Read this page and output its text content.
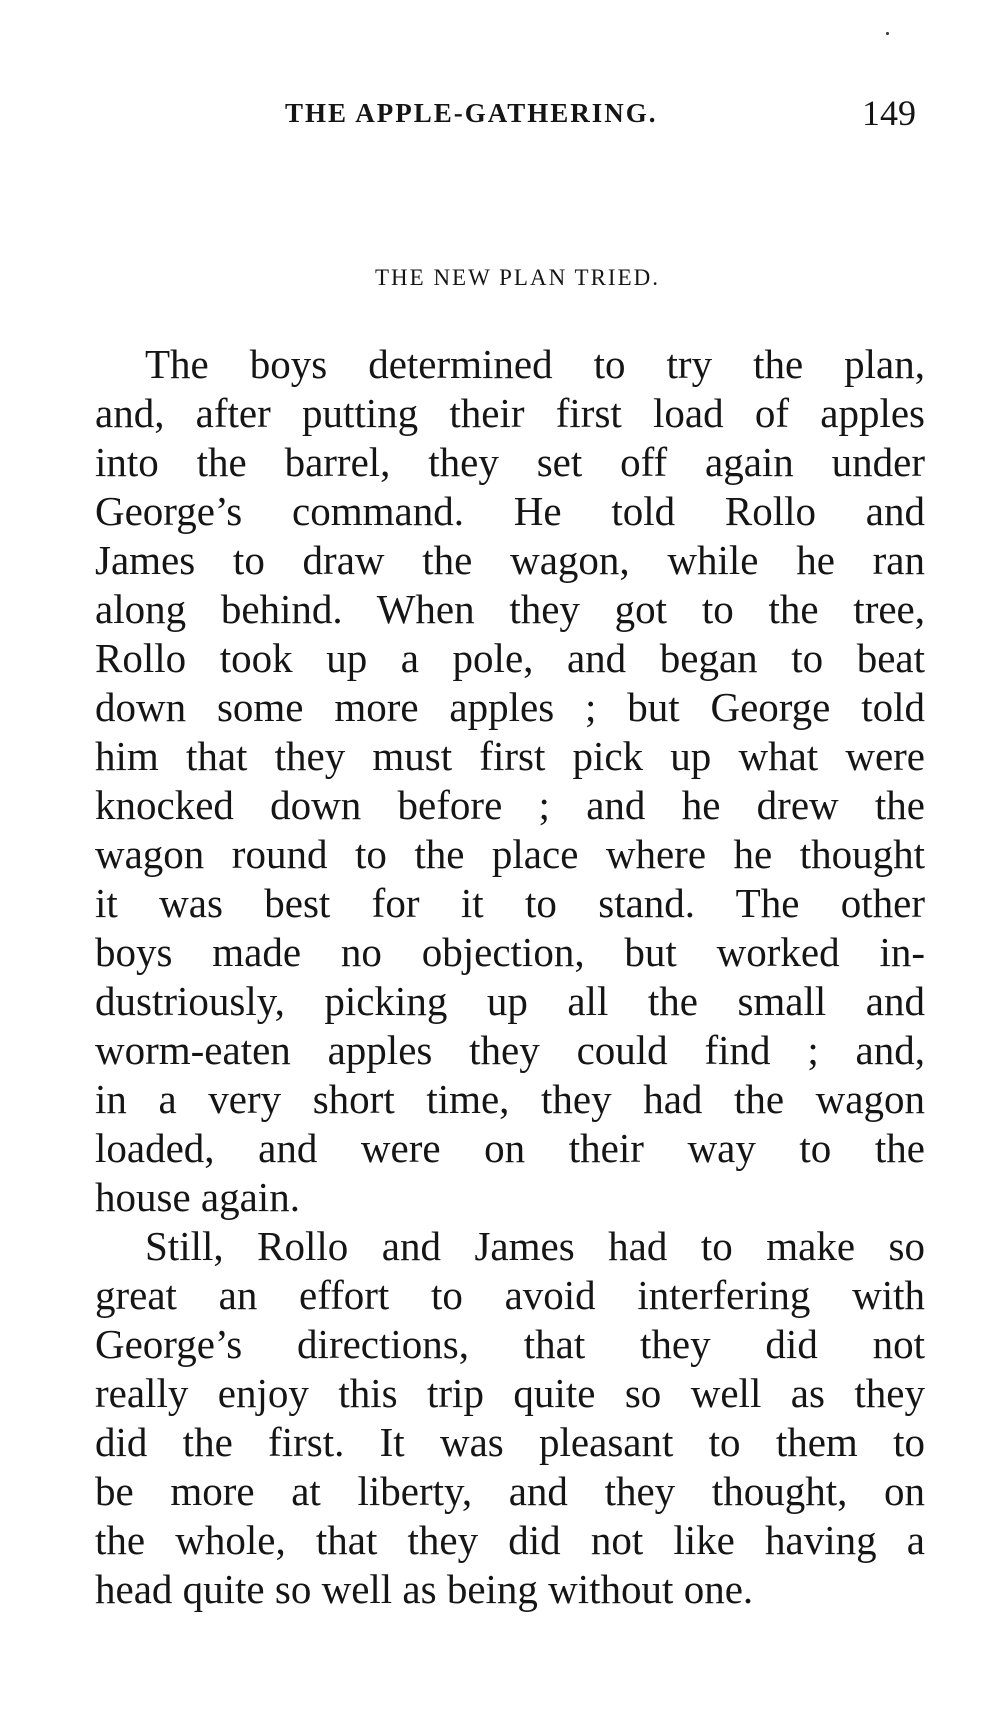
THE APPLE-GATHERING.	149
THE NEW PLAN TRIED.
The boys determined to try the plan,
and, after putting their first load of apples
into the barrel, they set off again under
George’s command. He told Rollo and
James to draw the wagon, while he ran
along behind. When they got to the tree,
Rollo took up a pole, and began to beat
down some more apples ; but George told
him that they must first pick up what were
knocked down before ; and he drew the
wagon round to the place where he thought
it was best for it to stand. The other
boys made no objection, but worked in-
dustriously, picking up all the small and
worm-eaten apples they could find ; and,
in a very short time, they had the wagon
loaded, and were on their way to the
house again.
Still, Rollo and James had to make so
great an effort to avoid interfering with
George’s directions, that they did not
really enjoy this trip quite so well as they
did the first. It was pleasant to them to
be more at liberty, and they thought, on
the whole, that they did not like having a
head quite so well as being without one.
